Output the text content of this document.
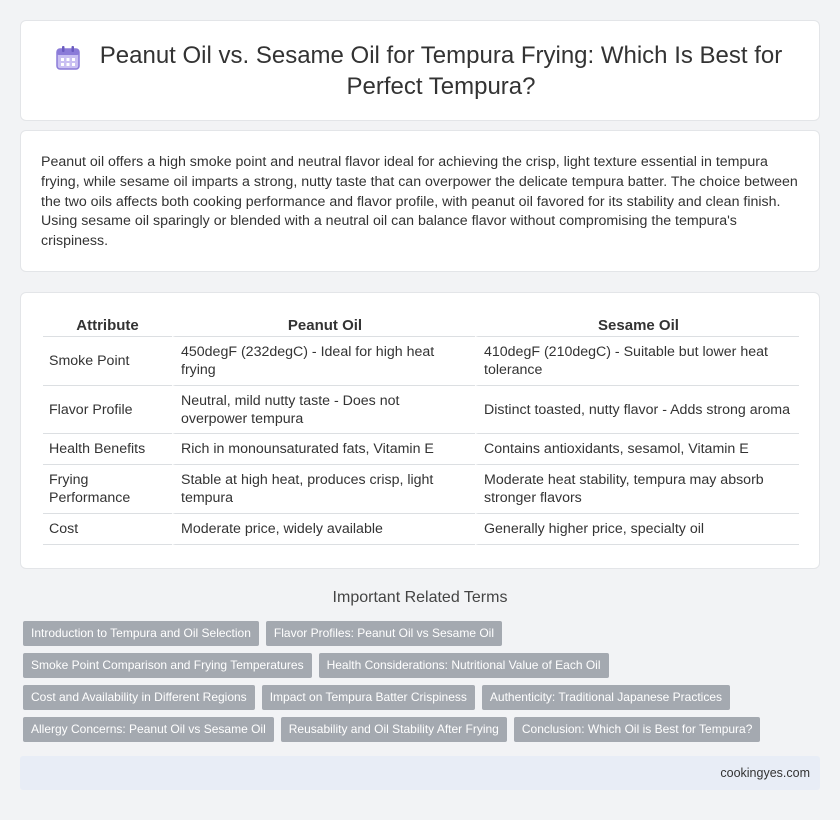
Peanut Oil vs. Sesame Oil for Tempura Frying: Which Is Best for Perfect Tempura?

Peanut oil offers a high smoke point and neutral flavor ideal for achieving the crisp, light texture essential in tempura frying, while sesame oil imparts a strong, nutty taste that can overpower the delicate tempura batter. The choice between the two oils affects both cooking performance and flavor profile, with peanut oil favored for its stability and clean finish. Using sesame oil sparingly or blended with a neutral oil can balance flavor without compromising the tempura's crispiness.

Attribute	Peanut Oil	Sesame Oil
Smoke Point	450degF (232degC) - Ideal for high heat frying	410degF (210degC) - Suitable but lower heat tolerance
Flavor Profile	Neutral, mild nutty taste - Does not overpower tempura	Distinct toasted, nutty flavor - Adds strong aroma
Health Benefits	Rich in monounsaturated fats, Vitamin E	Contains antioxidants, sesamol, Vitamin E
Frying Performance	Stable at high heat, produces crisp, light tempura	Moderate heat stability, tempura may absorb stronger flavors
Cost	Moderate price, widely available	Generally higher price, specialty oil
Important Related Terms
Introduction to Tempura and Oil Selection	Flavor Profiles: Peanut Oil vs Sesame Oil
Smoke Point Comparison and Frying Temperatures	Health Considerations: Nutritional Value of Each Oil
Cost and Availability in Different Regions	Impact on Tempura Batter Crispiness	Authenticity: Traditional Japanese Practices
Allergy Concerns: Peanut Oil vs Sesame Oil	Reusability and Oil Stability After Frying	Conclusion: Which Oil is Best for Tempura?
cookingyes.com
